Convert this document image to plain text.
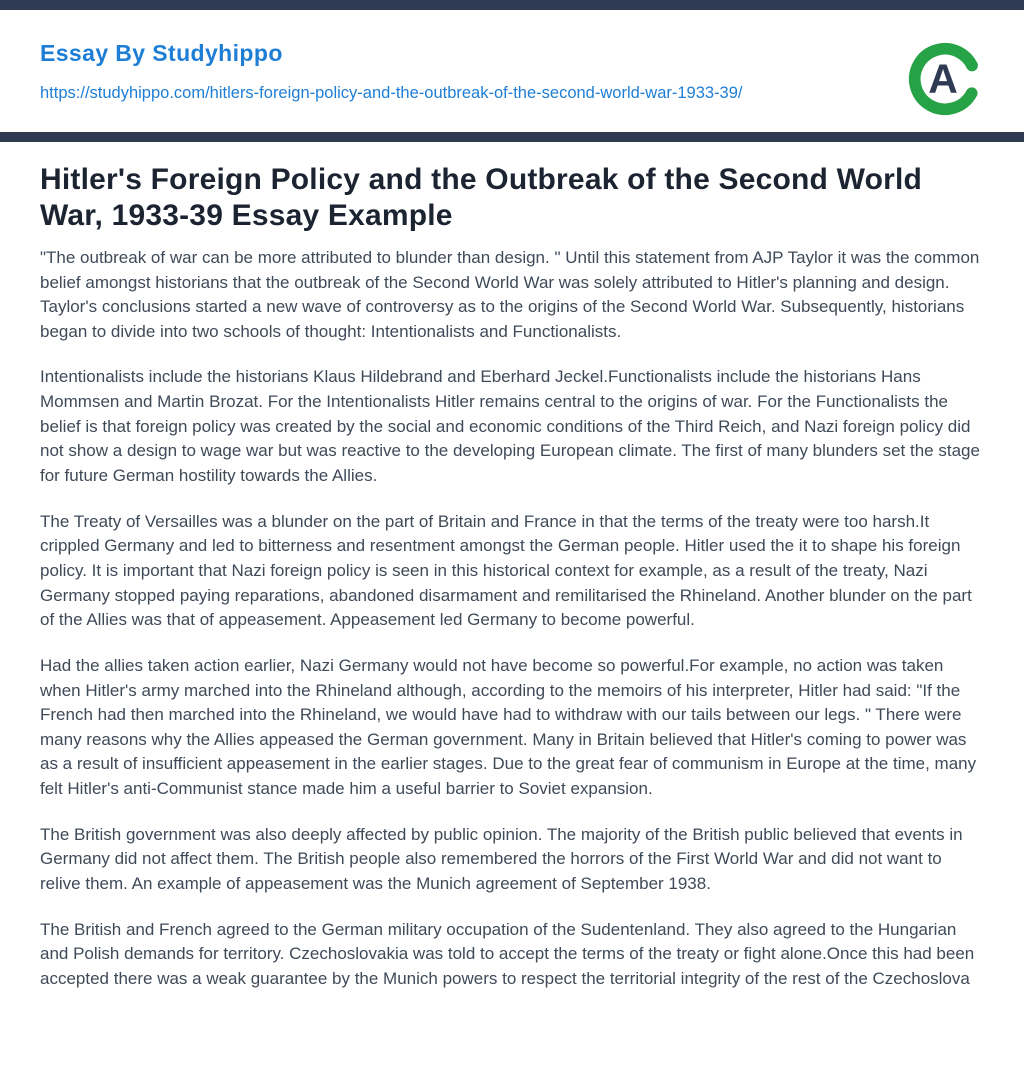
Essay By Studyhippo
https://studyhippo.com/hitlers-foreign-policy-and-the-outbreak-of-the-second-world-war-1933-39/	A
Hitler's Foreign Policy and the Outbreak of the Second World War, 1933-39 Essay Example

"The outbreak of war can be more attributed to blunder than design. " Until this statement from AJP Taylor it was the common belief amongst historians that the outbreak of the Second World War was solely attributed to Hitler's planning and design. Taylor's conclusions started a new wave of controversy as to the origins of the Second World War. Subsequently, historians began to divide into two schools of thought: Intentionalists and Functionalists.

Intentionalists include the historians Klaus Hildebrand and Eberhard Jeckel.Functionalists include the historians Hans Mommsen and Martin Brozat. For the Intentionalists Hitler remains central to the origins of war. For the Functionalists the belief is that foreign policy was created by the social and economic conditions of the Third Reich, and Nazi foreign policy did not show a design to wage war but was reactive to the developing European climate. The first of many blunders set the stage for future German hostility towards the Allies.

The Treaty of Versailles was a blunder on the part of Britain and France in that the terms of the treaty were too harsh.It crippled Germany and led to bitterness and resentment amongst the German people. Hitler used the it to shape his foreign policy. It is important that Nazi foreign policy is seen in this historical context for example, as a result of the treaty, Nazi Germany stopped paying reparations, abandoned disarmament and remilitarised the Rhineland. Another blunder on the part of the Allies was that of appeasement. Appeasement led Germany to become powerful.

Had the allies taken action earlier, Nazi Germany would not have become so powerful.For example, no action was taken when Hitler's army marched into the Rhineland although, according to the memoirs of his interpreter, Hitler had said: "If the French had then marched into the Rhineland, we would have had to withdraw with our tails between our legs. " There were many reasons why the Allies appeased the German government. Many in Britain believed that Hitler's coming to power was as a result of insufficient appeasement in the earlier stages. Due to the great fear of communism in Europe at the time, many felt Hitler's anti-Communist stance made him a useful barrier to Soviet expansion.

The British government was also deeply affected by public opinion. The majority of the British public believed that events in Germany did not affect them. The British people also remembered the horrors of the First World War and did not want to relive them. An example of appeasement was the Munich agreement of September 1938.

The British and French agreed to the German military occupation of the Sudentenland. They also agreed to the Hungarian and Polish demands for territory. Czechoslovakia was told to accept the terms of the treaty or fight alone.Once this had been accepted there was a weak guarantee by the Munich powers to respect the territorial integrity of the rest of the Czechoslova
